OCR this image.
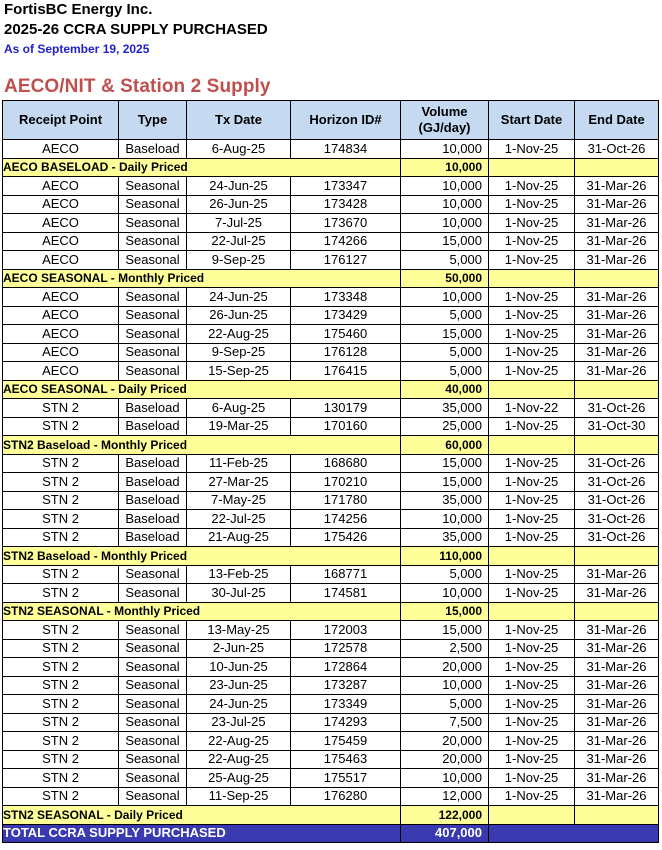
FortisBC Energy Inc.
2025-26 CCRA SUPPLY PURCHASED
As of September 19, 2025
AECO/NIT & Station 2 Supply
Receipt Point	Type	Tx Date	Horizon ID#	Volume (GJ/day)	Start Date	End Date
AECO	Baseload	6-Aug-25	174834	10,000	1-Nov-25	31-Oct-26
AECO BASELOAD - Daily Priced				10,000		
AECO	Seasonal	24-Jun-25	173347	10,000	1-Nov-25	31-Mar-26
AECO	Seasonal	26-Jun-25	173428	10,000	1-Nov-25	31-Mar-26
AECO	Seasonal	7-Jul-25	173670	10,000	1-Nov-25	31-Mar-26
AECO	Seasonal	22-Jul-25	174266	15,000	1-Nov-25	31-Mar-26
AECO	Seasonal	9-Sep-25	176127	5,000	1-Nov-25	31-Mar-26
AECO SEASONAL - Monthly Priced				50,000		
AECO	Seasonal	24-Jun-25	173348	10,000	1-Nov-25	31-Mar-26
AECO	Seasonal	26-Jun-25	173429	5,000	1-Nov-25	31-Mar-26
AECO	Seasonal	22-Aug-25	175460	15,000	1-Nov-25	31-Mar-26
AECO	Seasonal	9-Sep-25	176128	5,000	1-Nov-25	31-Mar-26
AECO	Seasonal	15-Sep-25	176415	5,000	1-Nov-25	31-Mar-26
AECO SEASONAL - Daily Priced				40,000		
STN 2	Baseload	6-Aug-25	130179	35,000	1-Nov-22	31-Oct-26
STN 2	Baseload	19-Mar-25	170160	25,000	1-Nov-25	31-Oct-30
STN2 Baseload - Monthly Priced				60,000		
STN 2	Baseload	11-Feb-25	168680	15,000	1-Nov-25	31-Oct-26
STN 2	Baseload	27-Mar-25	170210	15,000	1-Nov-25	31-Oct-26
STN 2	Baseload	7-May-25	171780	35,000	1-Nov-25	31-Oct-26
STN 2	Baseload	22-Jul-25	174256	10,000	1-Nov-25	31-Oct-26
STN 2	Baseload	21-Aug-25	175426	35,000	1-Nov-25	31-Oct-26
STN2 Baseload - Monthly Priced				110,000		
STN 2	Seasonal	13-Feb-25	168771	5,000	1-Nov-25	31-Mar-26
STN 2	Seasonal	30-Jul-25	174581	10,000	1-Nov-25	31-Mar-26
STN2 SEASONAL - Monthly Priced				15,000		
STN 2	Seasonal	13-May-25	172003	15,000	1-Nov-25	31-Mar-26
STN 2	Seasonal	2-Jun-25	172578	2,500	1-Nov-25	31-Mar-26
STN 2	Seasonal	10-Jun-25	172864	20,000	1-Nov-25	31-Mar-26
STN 2	Seasonal	23-Jun-25	173287	10,000	1-Nov-25	31-Mar-26
STN 2	Seasonal	24-Jun-25	173349	5,000	1-Nov-25	31-Mar-26
STN 2	Seasonal	23-Jul-25	174293	7,500	1-Nov-25	31-Mar-26
STN 2	Seasonal	22-Aug-25	175459	20,000	1-Nov-25	31-Mar-26
STN 2	Seasonal	22-Aug-25	175463	20,000	1-Nov-25	31-Mar-26
STN 2	Seasonal	25-Aug-25	175517	10,000	1-Nov-25	31-Mar-26
STN 2	Seasonal	11-Sep-25	176280	12,000	1-Nov-25	31-Mar-26
STN2 SEASONAL - Daily Priced				122,000		
TOTAL CCRA SUPPLY PURCHASED				407,000		
